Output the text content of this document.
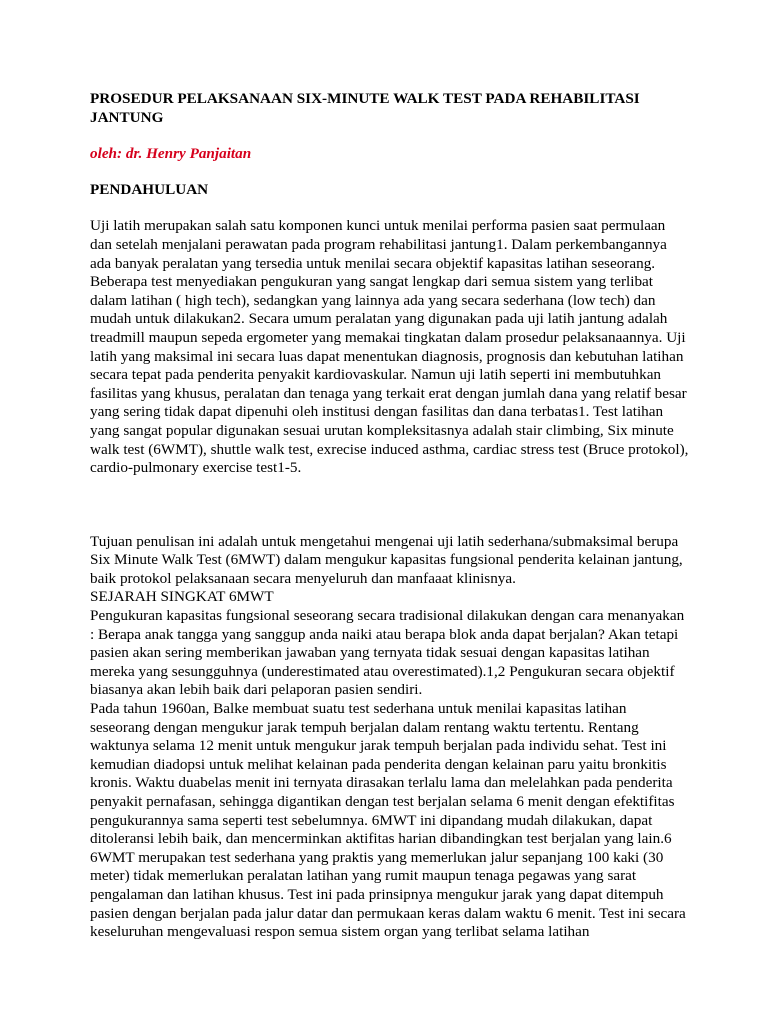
PROSEDUR PELAKSANAAN SIX-MINUTE WALK TEST PADA REHABILITASI JANTUNG

oleh: dr. Henry Panjaitan

PENDAHULUAN

Uji latih merupakan salah satu komponen kunci untuk menilai performa pasien saat permulaan dan setelah menjalani perawatan pada program rehabilitasi jantung1. Dalam perkembangannya ada banyak peralatan yang tersedia untuk menilai secara objektif kapasitas latihan seseorang. Beberapa test menyediakan pengukuran yang sangat lengkap dari semua sistem yang terlibat dalam latihan ( high tech), sedangkan yang lainnya ada yang secara sederhana (low tech) dan mudah untuk dilakukan2. Secara umum peralatan yang digunakan pada uji latih jantung adalah treadmill maupun sepeda ergometer yang memakai tingkatan dalam prosedur pelaksanaannya. Uji latih yang maksimal ini secara luas dapat menentukan diagnosis, prognosis dan kebutuhan latihan secara tepat pada penderita penyakit kardiovaskular. Namun uji latih seperti ini membutuhkan fasilitas yang khusus, peralatan dan tenaga yang terkait erat dengan jumlah dana yang relatif besar yang sering tidak dapat dipenuhi oleh institusi dengan fasilitas dan dana terbatas1. Test latihan yang sangat popular digunakan sesuai urutan kompleksitasnya adalah stair climbing, Six minute walk test (6WMT), shuttle walk test, exrecise induced asthma, cardiac stress test (Bruce protokol), cardio-pulmonary exercise test1-5.

Tujuan penulisan ini adalah untuk mengetahui mengenai uji latih sederhana/submaksimal berupa Six Minute Walk Test (6MWT) dalam mengukur kapasitas fungsional penderita kelainan jantung, baik protokol pelaksanaan secara menyeluruh dan manfaaat klinisnya.

SEJARAH SINGKAT 6MWT

Pengukuran kapasitas fungsional seseorang secara tradisional dilakukan dengan cara menanyakan : Berapa anak tangga yang sanggup anda naiki atau berapa blok anda dapat berjalan? Akan tetapi pasien akan sering memberikan jawaban yang ternyata tidak sesuai dengan kapasitas latihan mereka yang sesungguhnya (underestimated atau overestimated).1,2 Pengukuran secara objektif biasanya akan lebih baik dari pelaporan pasien sendiri.

Pada tahun 1960an, Balke membuat suatu test sederhana untuk menilai kapasitas latihan seseorang dengan mengukur jarak tempuh berjalan dalam rentang waktu tertentu. Rentang waktunya selama 12 menit untuk mengukur jarak tempuh berjalan pada individu sehat. Test ini kemudian diadopsi untuk melihat kelainan pada penderita dengan kelainan paru yaitu bronkitis kronis. Waktu duabelas menit ini ternyata dirasakan terlalu lama dan melelahkan pada penderita penyakit pernafasan, sehingga digantikan dengan test berjalan selama 6 menit dengan efektifitas pengukurannya sama seperti test sebelumnya. 6MWT ini dipandang mudah dilakukan, dapat ditoleransi lebih baik, dan mencerminkan aktifitas harian dibandingkan test berjalan yang lain.6 6WMT merupakan test sederhana yang praktis yang memerlukan jalur sepanjang 100 kaki (30 meter) tidak memerlukan peralatan latihan yang rumit maupun tenaga pegawas yang sarat pengalaman dan latihan khusus. Test ini pada prinsipnya mengukur jarak yang dapat ditempuh pasien dengan berjalan pada jalur datar dan permukaan keras dalam waktu 6 menit. Test ini secara keseluruhan mengevaluasi respon semua sistem organ yang terlibat selama latihan
